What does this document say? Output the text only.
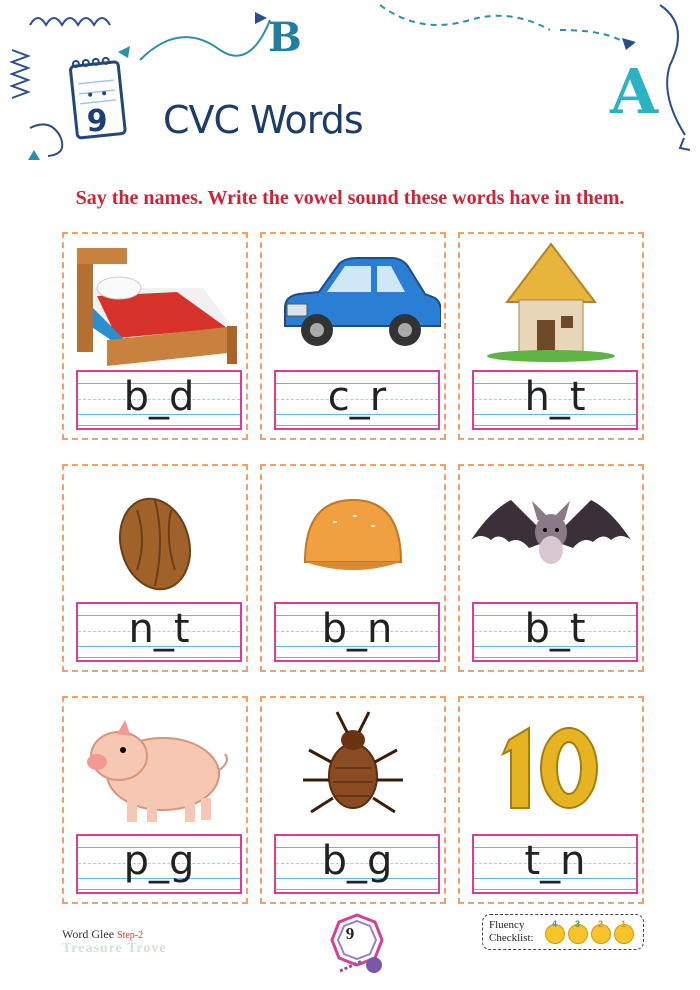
9	CVC Words
B
A
Say the names. Write the vowel sound these words have in them.
b_d	c_r	h_t
n_t	b_n	b_t
p_g	b_g	t_n
Word Glee Step-2
Treasure Trove
9	Fluency
Checklist:
4 3 2 1
